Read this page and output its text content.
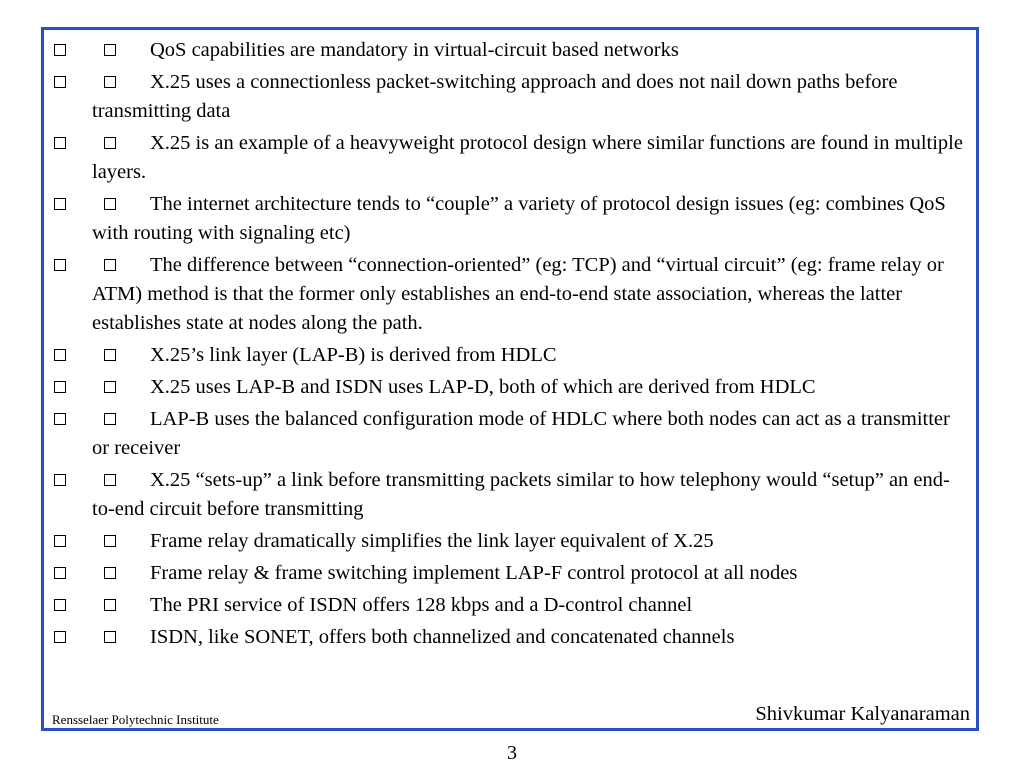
QoS capabilities are mandatory in virtual-circuit based networks
X.25 uses a connectionless packet-switching approach and does not nail down paths before transmitting data
X.25 is an example of a heavyweight protocol design where similar functions are found in multiple layers.
The internet architecture tends to “couple” a variety of protocol design issues (eg: combines QoS with routing with signaling etc)
The difference between “connection-oriented” (eg: TCP) and “virtual circuit” (eg: frame relay or ATM) method is that the former only establishes an end-to-end state association, whereas the latter establishes state at nodes along the path.
X.25’s link layer (LAP-B) is derived from HDLC
X.25 uses LAP-B and ISDN uses LAP-D, both of which are derived from HDLC
LAP-B uses the balanced configuration mode of HDLC where both nodes can act as a transmitter or receiver
X.25 “sets-up” a link before transmitting packets similar to how telephony would “setup” an end-to-end circuit before transmitting
Frame relay dramatically simplifies the link layer equivalent of X.25
Frame relay & frame switching implement LAP-F control protocol at all nodes
The PRI service of ISDN offers 128 kbps and a D-control channel
ISDN, like SONET, offers both channelized and concatenated channels
Rensselaer Polytechnic Institute	Shivkumar Kalyanaraman
3
